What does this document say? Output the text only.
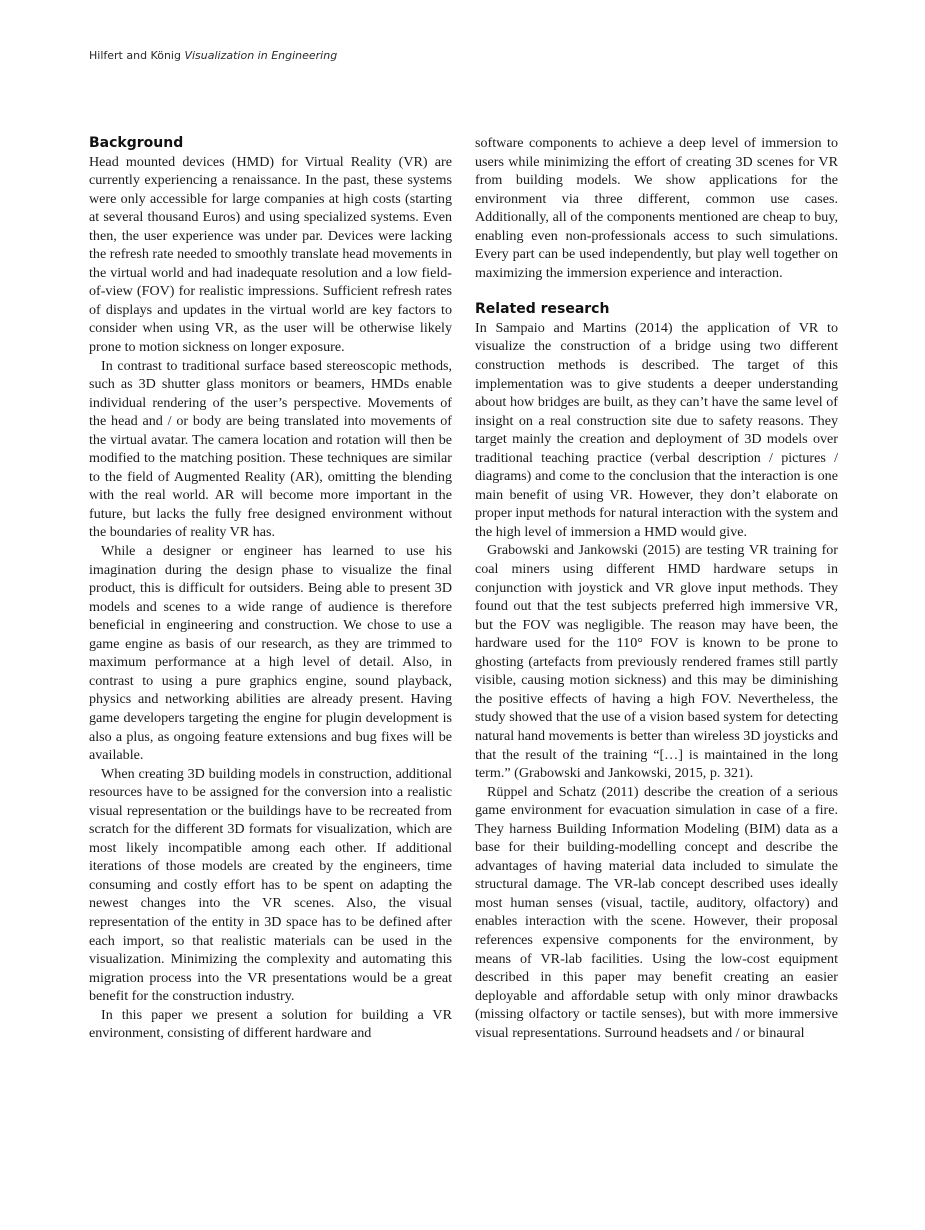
Hilfert and König Visualization in Engineering
Background

Head mounted devices (HMD) for Virtual Reality (VR) are currently experiencing a renaissance. In the past, these systems were only accessible for large companies at high costs (starting at several thousand Euros) and using specialized systems. Even then, the user experience was under par. Devices were lacking the refresh rate needed to smoothly translate head movements in the virtual world and had inadequate resolution and a low field-of-view (FOV) for realistic impressions. Sufficient refresh rates of displays and updates in the virtual world are key factors to consider when using VR, as the user will be otherwise likely prone to motion sickness on longer exposure.

In contrast to traditional surface based stereoscopic methods, such as 3D shutter glass monitors or beamers, HMDs enable individual rendering of the user’s perspective. Movements of the head and / or body are being translated into movements of the virtual avatar. The camera location and rotation will then be modified to the matching position. These techniques are similar to the field of Augmented Reality (AR), omitting the blending with the real world. AR will become more important in the future, but lacks the fully free designed environment without the boundaries of reality VR has.

While a designer or engineer has learned to use his imagination during the design phase to visualize the final product, this is difficult for outsiders. Being able to present 3D models and scenes to a wide range of audience is therefore beneficial in engineering and construction. We chose to use a game engine as basis of our research, as they are trimmed to maximum performance at a high level of detail. Also, in contrast to using a pure graphics engine, sound playback, physics and networking abilities are already present. Having game developers targeting the engine for plugin development is also a plus, as ongoing feature extensions and bug fixes will be available.

When creating 3D building models in construction, additional resources have to be assigned for the conversion into a realistic visual representation or the buildings have to be recreated from scratch for the different 3D formats for visualization, which are most likely incompatible among each other. If additional iterations of those models are created by the engineers, time consuming and costly effort has to be spent on adapting the newest changes into the VR scenes. Also, the visual representation of the entity in 3D space has to be defined after each import, so that realistic materials can be used in the visualization. Minimizing the complexity and automating this migration process into the VR presentations would be a great benefit for the construction industry.

In this paper we present a solution for building a VR environment, consisting of different hardware and

software components to achieve a deep level of immersion to users while minimizing the effort of creating 3D scenes for VR from building models. We show applications for the environment via three different, common use cases. Additionally, all of the components mentioned are cheap to buy, enabling even non-professionals access to such simulations. Every part can be used independently, but play well together on maximizing the immersion experience and interaction.

Related research

In Sampaio and Martins (2014) the application of VR to visualize the construction of a bridge using two different construction methods is described. The target of this implementation was to give students a deeper understanding about how bridges are built, as they can’t have the same level of insight on a real construction site due to safety reasons. They target mainly the creation and deployment of 3D models over traditional teaching practice (verbal description / pictures / diagrams) and come to the conclusion that the interaction is one main benefit of using VR. However, they don’t elaborate on proper input methods for natural interaction with the system and the high level of immersion a HMD would give.

Grabowski and Jankowski (2015) are testing VR training for coal miners using different HMD hardware setups in conjunction with joystick and VR glove input methods. They found out that the test subjects preferred high immersive VR, but the FOV was negligible. The reason may have been, the hardware used for the 110° FOV is known to be prone to ghosting (artefacts from previously rendered frames still partly visible, causing motion sickness) and this may be diminishing the positive effects of having a high FOV. Nevertheless, the study showed that the use of a vision based system for detecting natural hand movements is better than wireless 3D joysticks and that the result of the training “[…] is maintained in the long term.” (Grabowski and Jankowski, 2015, p. 321).

Rüppel and Schatz (2011) describe the creation of a serious game environment for evacuation simulation in case of a fire. They harness Building Information Modeling (BIM) data as a base for their building-modelling concept and describe the advantages of having material data included to simulate the structural damage. The VR-lab concept described uses ideally most human senses (visual, tactile, auditory, olfactory) and enables interaction with the scene. However, their proposal references expensive components for the environment, by means of VR-lab facilities. Using the low-cost equipment described in this paper may benefit creating an easier deployable and affordable setup with only minor drawbacks (missing olfactory or tactile senses), but with more immersive visual representations. Surround headsets and / or binaural
